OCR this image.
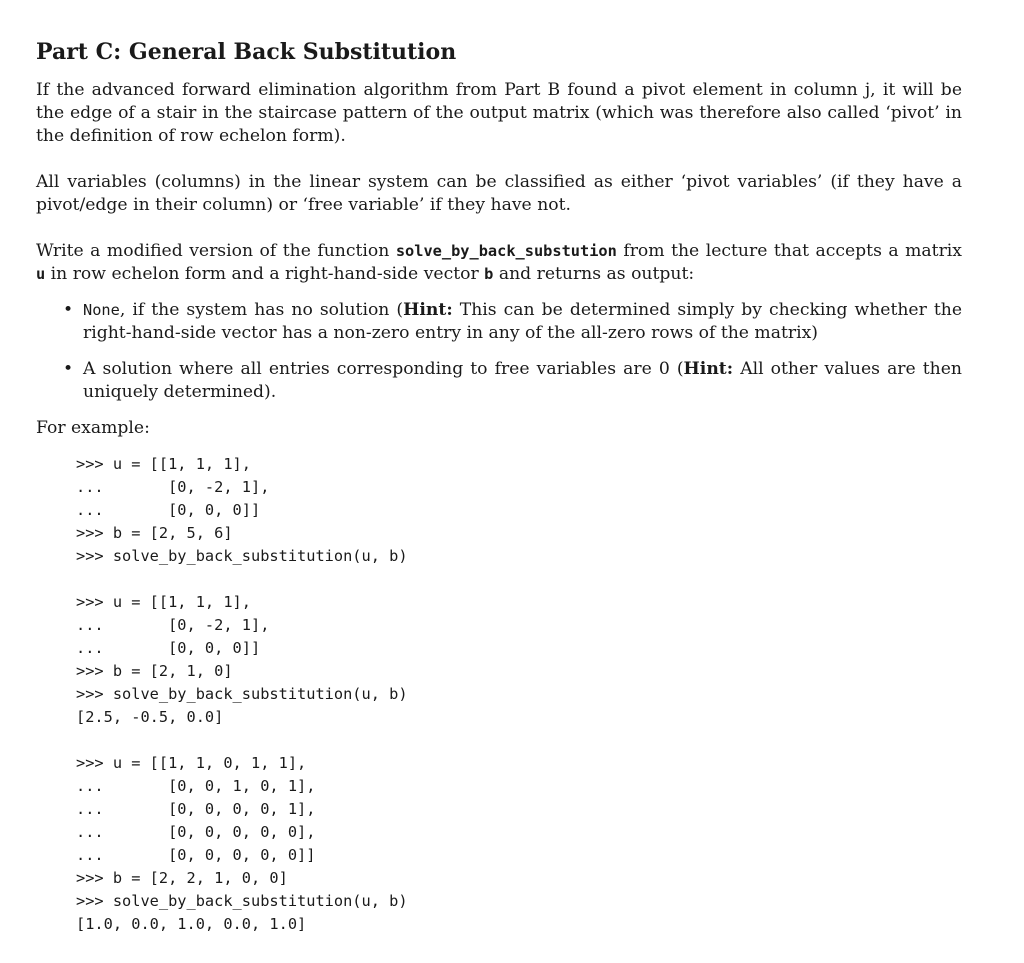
Part C: General Back Substitution

If the advanced forward elimination algorithm from Part B found a pivot element in column j, it will be the edge of a stair in the staircase pattern of the output matrix (which was therefore also called ‘pivot’ in the definition of row echelon form).

All variables (columns) in the linear system can be classified as either ‘pivot variables’ (if they have a pivot/edge in their column) or ‘free variable’ if they have not.

Write a modified version of the function solve_by_back_substution from the lecture that accepts a matrix u in row echelon form and a right-hand-side vector b and returns as output:

• None, if the system has no solution (Hint: This can be determined simply by checking whether the right-hand-side vector has a non-zero entry in any of the all-zero rows of the matrix)
• A solution where all entries corresponding to free variables are 0 (Hint: All other values are then uniquely determined).

For example:

>>> u = [[1, 1, 1],
...       [0, -2, 1],
...       [0, 0, 0]]
>>> b = [2, 5, 6]
>>> solve_by_back_substitution(u, b)
>>> u = [[1, 1, 1],
...       [0, -2, 1],
...       [0, 0, 0]]
>>> b = [2, 1, 0]
>>> solve_by_back_substitution(u, b)
[2.5, -0.5, 0.0]
>>> u = [[1, 1, 0, 1, 1],
...       [0, 0, 1, 0, 1],
...       [0, 0, 0, 0, 1],
...       [0, 0, 0, 0, 0],
...       [0, 0, 0, 0, 0]]
>>> b = [2, 2, 1, 0, 0]
>>> solve_by_back_substitution(u, b)
[1.0, 0.0, 1.0, 0.0, 1.0]
